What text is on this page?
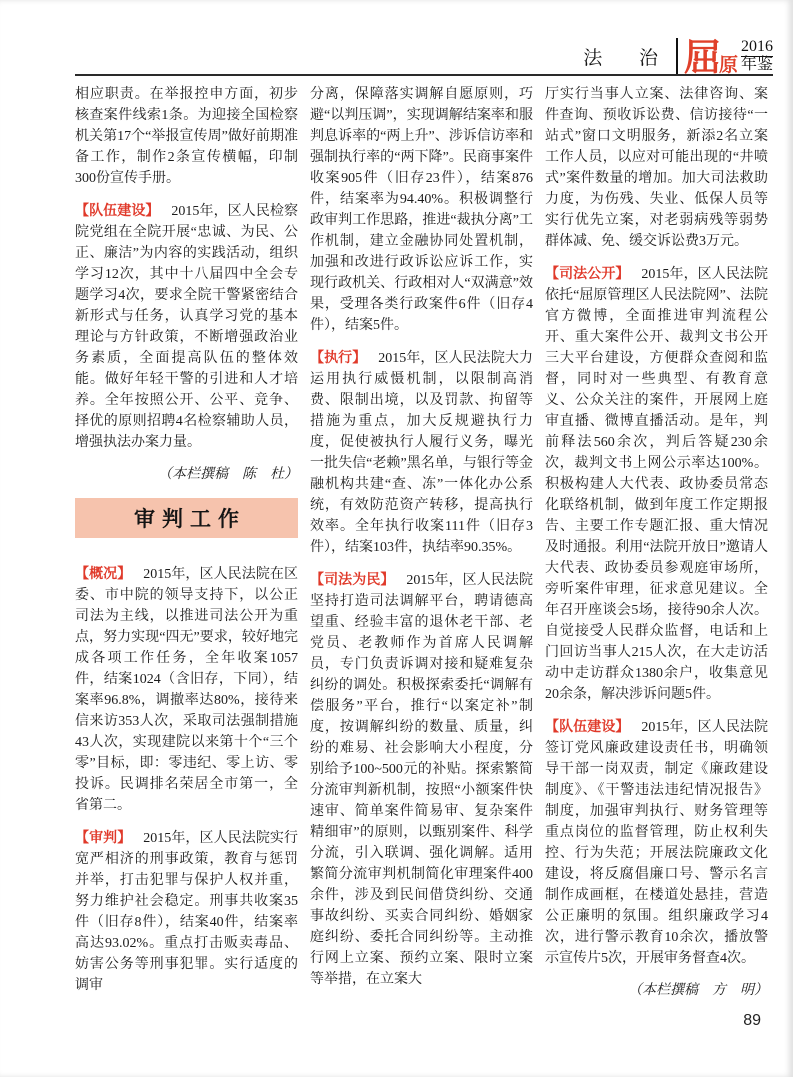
法 治 屈
原
2016
年鉴

相应职责。在举报控申方面，初步核查案件线索1条。为迎接全国检察机关第17个“举报宣传周”做好前期准备工作，制作2条宣传横幅，印制300份宣传手册。

【队伍建设】 2015年，区人民检察院党组在全院开展“忠诚、为民、公正、廉洁”为内容的实践活动，组织学习12次，其中十八届四中全会专题学习4次，要求全院干警紧密结合新形式与任务，认真学习党的基本理论与方针政策，不断增强政治业务素质，全面提高队伍的整体效能。做好年轻干警的引进和人才培养。全年按照公开、公平、竞争、择优的原则招聘4名检察辅助人员，增强执法办案力量。

（本栏撰稿　陈　杜）

审判工作

【概况】 2015年，区人民法院在区委、市中院的领导支持下，以公正司法为主线，以推进司法公开为重点，努力实现“四无”要求，较好地完成各项工作任务，全年收案1057件，结案1024（含旧存，下同），结案率96.8%，调撤率达80%，接待来信来访353人次，采取司法强制措施43人次，实现建院以来第十个“三个零”目标，即：零违纪、零上访、零投诉。民调排名荣居全市第一，全省第二。

【审判】 2015年，区人民法院实行宽严相济的刑事政策，教育与惩罚并举，打击犯罪与保护人权并重，努力维护社会稳定。刑事共收案35件（旧存8件），结案40件，结案率高达93.02%。重点打击贩卖毒品、妨害公务等刑事犯罪。实行适度的调审

分离，保障落实调解自愿原则，巧避“以判压调”，实现调解结案率和服判息诉率的“两上升”、涉诉信访率和强制执行率的“两下降”。民商事案件收案905件（旧存23件），结案876件，结案率为94.40%。积极调整行政审判工作思路，推进“裁执分离”工作机制，建立金融协同处置机制，加强和改进行政诉讼应诉工作，实现行政机关、行政相对人“双满意”效果，受理各类行政案件6件（旧存4件），结案5件。

【执行】 2015年，区人民法院大力运用执行威慑机制，以限制高消费、限制出境，以及罚款、拘留等措施为重点，加大反规避执行力度，促使被执行人履行义务，曝光一批失信“老赖”黑名单，与银行等金融机构共建“查、冻”一体化办公系统，有效防范资产转移，提高执行效率。全年执行收案111件（旧存3件），结案103件，执结率90.35%。

【司法为民】 2015年，区人民法院坚持打造司法调解平台，聘请德高望重、经验丰富的退休老干部、老党员、老教师作为首席人民调解员，专门负责诉调对接和疑难复杂纠纷的调处。积极探索委托“调解有偿服务”平台，推行“以案定补”制度，按调解纠纷的数量、质量，纠纷的难易、社会影响大小程度，分别给予100~500元的补贴。探索繁简分流审判新机制，按照“小额案件快速审、简单案件简易审、复杂案件精细审”的原则，以甄别案件、科学分流，引入联调、强化调解。适用繁简分流审判机制简化审理案件400余件，涉及到民间借贷纠纷、交通事故纠纷、买卖合同纠纷、婚姻家庭纠纷、委托合同纠纷等。主动推行网上立案、预约立案、限时立案等举措，在立案大

厅实行当事人立案、法律咨询、案件查询、预收诉讼费、信访接待“一站式”窗口文明服务，新添2名立案工作人员，以应对可能出现的“井喷式”案件数量的增加。加大司法救助力度，为伤残、失业、低保人员等实行优先立案，对老弱病残等弱势群体减、免、缓交诉讼费3万元。

【司法公开】 2015年，区人民法院依托“屈原管理区人民法院网”、法院官方微博，全面推进审判流程公开、重大案件公开、裁判文书公开三大平台建设，方便群众查阅和监督，同时对一些典型、有教育意义、公众关注的案件，开展网上庭审直播、微博直播活动。是年，判前释法560余次，判后答疑230余次，裁判文书上网公示率达100%。积极构建人大代表、政协委员常态化联络机制，做到年度工作定期报告、主要工作专题汇报、重大情况及时通报。利用“法院开放日”邀请人大代表、政协委员参观庭审场所，旁听案件审理，征求意见建议。全年召开座谈会5场，接待90余人次。自觉接受人民群众监督，电话和上门回访当事人215人次，在大走访活动中走访群众1380余户，收集意见20余条，解决涉诉问题5件。

【队伍建设】 2015年，区人民法院签订党风廉政建设责任书，明确领导干部一岗双责，制定《廉政建设制度》、《干警违法违纪情况报告》制度，加强审判执行、财务管理等重点岗位的监督管理，防止权利失控、行为失范；开展法院廉政文化建设，将反腐倡廉口号、警示名言制作成画框，在楼道处悬挂，营造公正廉明的氛围。组织廉政学习4次，进行警示教育10余次，播放警示宣传片5次，开展审务督查4次。

（本栏撰稿　方　明）

89
